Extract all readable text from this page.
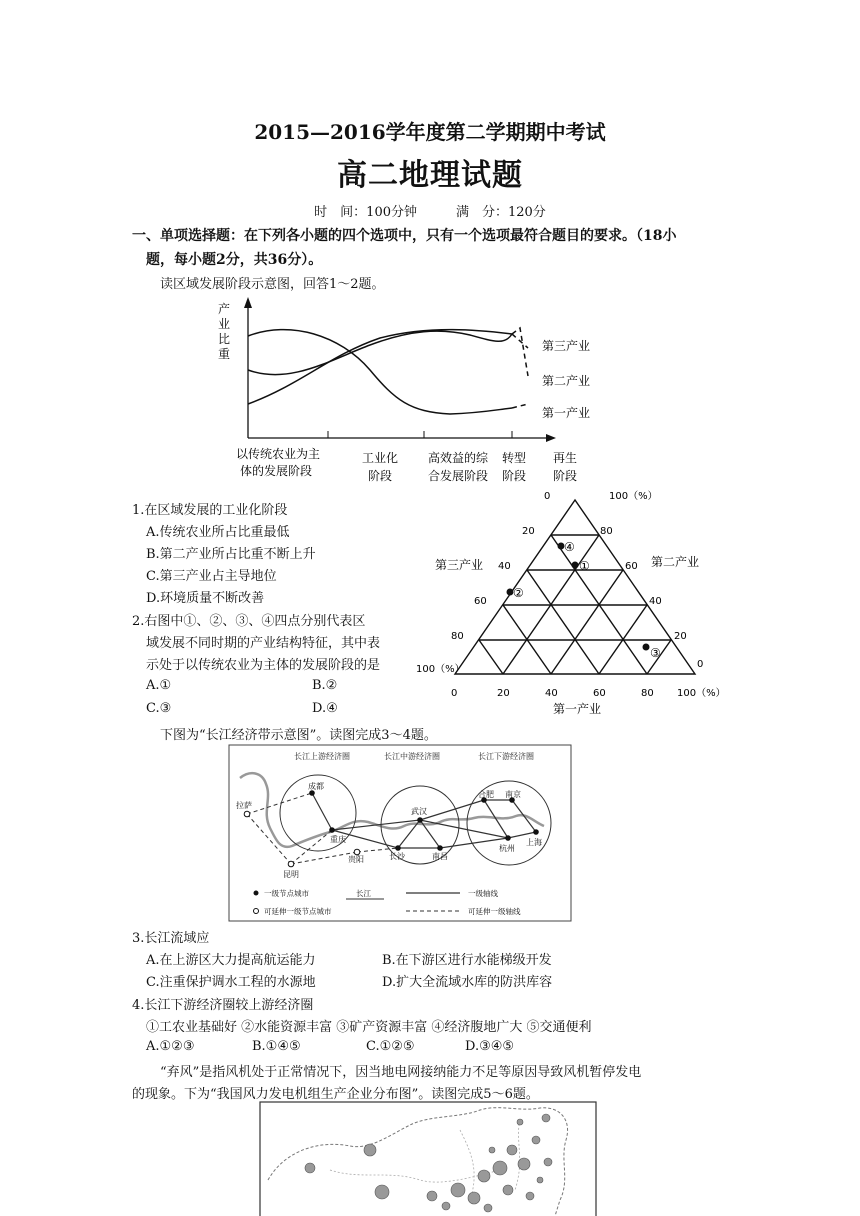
2015—2016学年度第二学期期中考试
高二地理试题
时　间：100分钟　　　满　分：120分
一、单项选择题：在下列各小题的四个选项中，只有一个选项最符合题目的要求。（18小
题，每小题2分，共36分）。
读区域发展阶段示意图，回答1～2题。
产
业
比
重
第三产业
第二产业
第一产业
以传统农业为主
体的发展阶段
工业化
阶段
高效益的综
合发展阶段
转型
阶段
再生
阶段
1.在区域发展的工业化阶段
A.传统农业所占比重最低
B.第二产业所占比重不断上升
C.第三产业占主导地位
D.环境质量不断改善
2.右图中①、②、③、④四点分别代表区
域发展不同时期的产业结构特征，其中表
示处于以传统农业为主体的发展阶段的是
A.①	B.②
C.③	D.④
0	100（%）
20
40
60
80
100（%）
80
60
40
20
0
0	20	40	60	80 100（%）
第三产业	第二产业
第一产业
④
①
②
③
下图为“长江经济带示意图”。读图完成3～4题。
长江上游经济圈	长江中游经济圈	长江下游经济圈
成都
重庆
拉萨
昆明
贵阳
武汉
长沙	南昌
合肥 南京
杭州
上海
一级节点城市	长江	一级轴线
可延伸一级节点城市	可延伸一级轴线
3.长江流域应
A.在上游区大力提高航运能力	B.在下游区进行水能梯级开发
C.注重保护调水工程的水源地	D.扩大全流域水库的防洪库容
4.长江下游经济圈较上游经济圈
①工农业基础好 ②水能资源丰富 ③矿产资源丰富 ④经济腹地广大 ⑤交通便利
A.①②③	B.①④⑤	C.①②⑤	D.③④⑤
“弃风”是指风机处于正常情况下，因当地电网接纳能力不足等原因导致风机暂停发电
的现象。下为“我国风力发电机组生产企业分布图”。读图完成5～6题。
